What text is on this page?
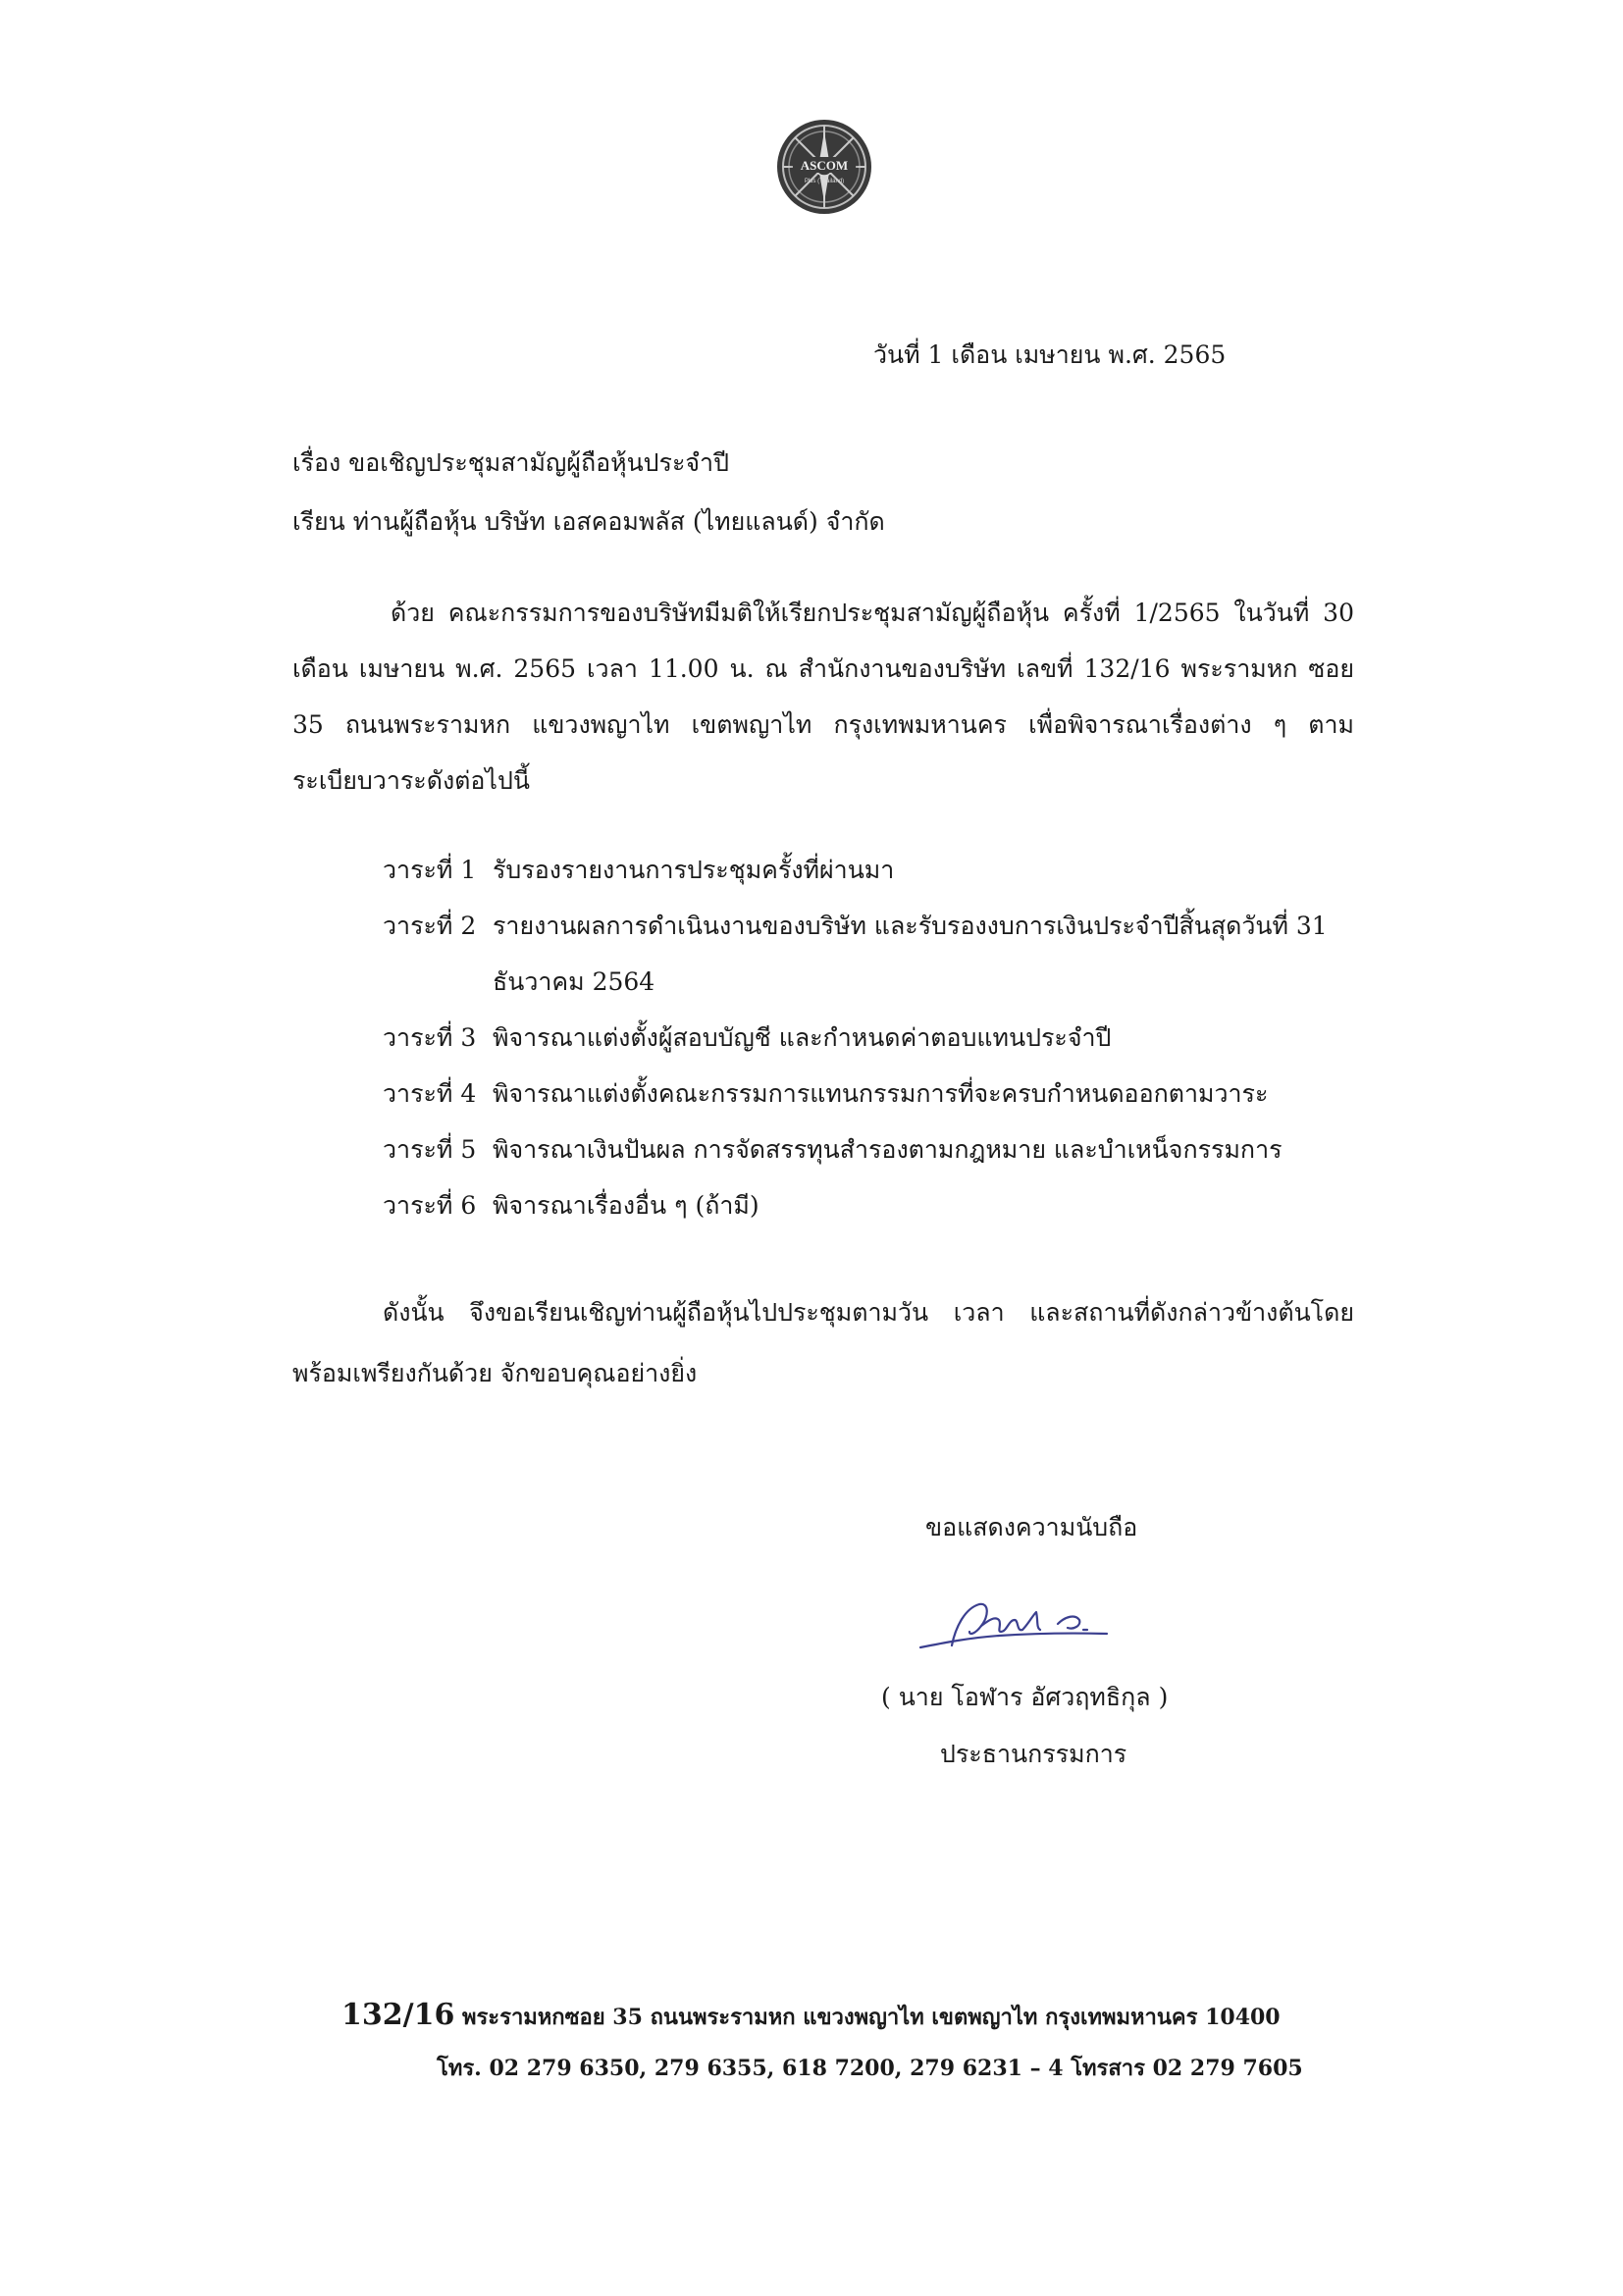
ASCOM
Plus (Thailand)
วันที่ 1 เดือน เมษายน พ.ศ. 2565
เรื่อง ขอเชิญประชุมสามัญผู้ถือหุ้นประจำปี
เรียน ท่านผู้ถือหุ้น บริษัท เอสคอมพลัส (ไทยแลนด์) จำกัด

ด้วย คณะกรรมการของบริษัทมีมติให้เรียกประชุมสามัญผู้ถือหุ้น ครั้งที่ 1/2565 ในวันที่ 30 เดือน เมษายน พ.ศ. 2565 เวลา 11.00 น. ณ สำนักงานของบริษัท เลขที่ 132/16 พระรามหก ซอย 35 ถนนพระรามหก แขวงพญาไท เขตพญาไท กรุงเทพมหานคร เพื่อพิจารณาเรื่องต่าง ๆ ตามระเบียบวาระดังต่อไปนี้

วาระที่ 1 รับรองรายงานการประชุมครั้งที่ผ่านมา
วาระที่ 2 รายงานผลการดำเนินงานของบริษัท และรับรองงบการเงินประจำปีสิ้นสุดวันที่ 31 ธันวาคม 2564
วาระที่ 3 พิจารณาแต่งตั้งผู้สอบบัญชี และกำหนดค่าตอบแทนประจำปี
วาระที่ 4 พิจารณาแต่งตั้งคณะกรรมการแทนกรรมการที่จะครบกำหนดออกตามวาระ
วาระที่ 5 พิจารณาเงินปันผล การจัดสรรทุนสำรองตามกฎหมาย และบำเหน็จกรรมการ
วาระที่ 6 พิจารณาเรื่องอื่น ๆ (ถ้ามี)

ดังนั้น จึงขอเรียนเชิญท่านผู้ถือหุ้นไปประชุมตามวัน เวลา และสถานที่ดังกล่าวข้างต้นโดยพร้อมเพรียงกันด้วย จักขอบคุณอย่างยิ่ง

ขอแสดงความนับถือ
( นาย โอฬาร อัศวฤทธิกุล )
ประธานกรรมการ
132/16 พระรามหกซอย 35 ถนนพระรามหก แขวงพญาไท เขตพญาไท กรุงเทพมหานคร 10400
โทร. 02 279 6350, 279 6355, 618 7200, 279 6231 – 4 โทรสาร 02 279 7605
